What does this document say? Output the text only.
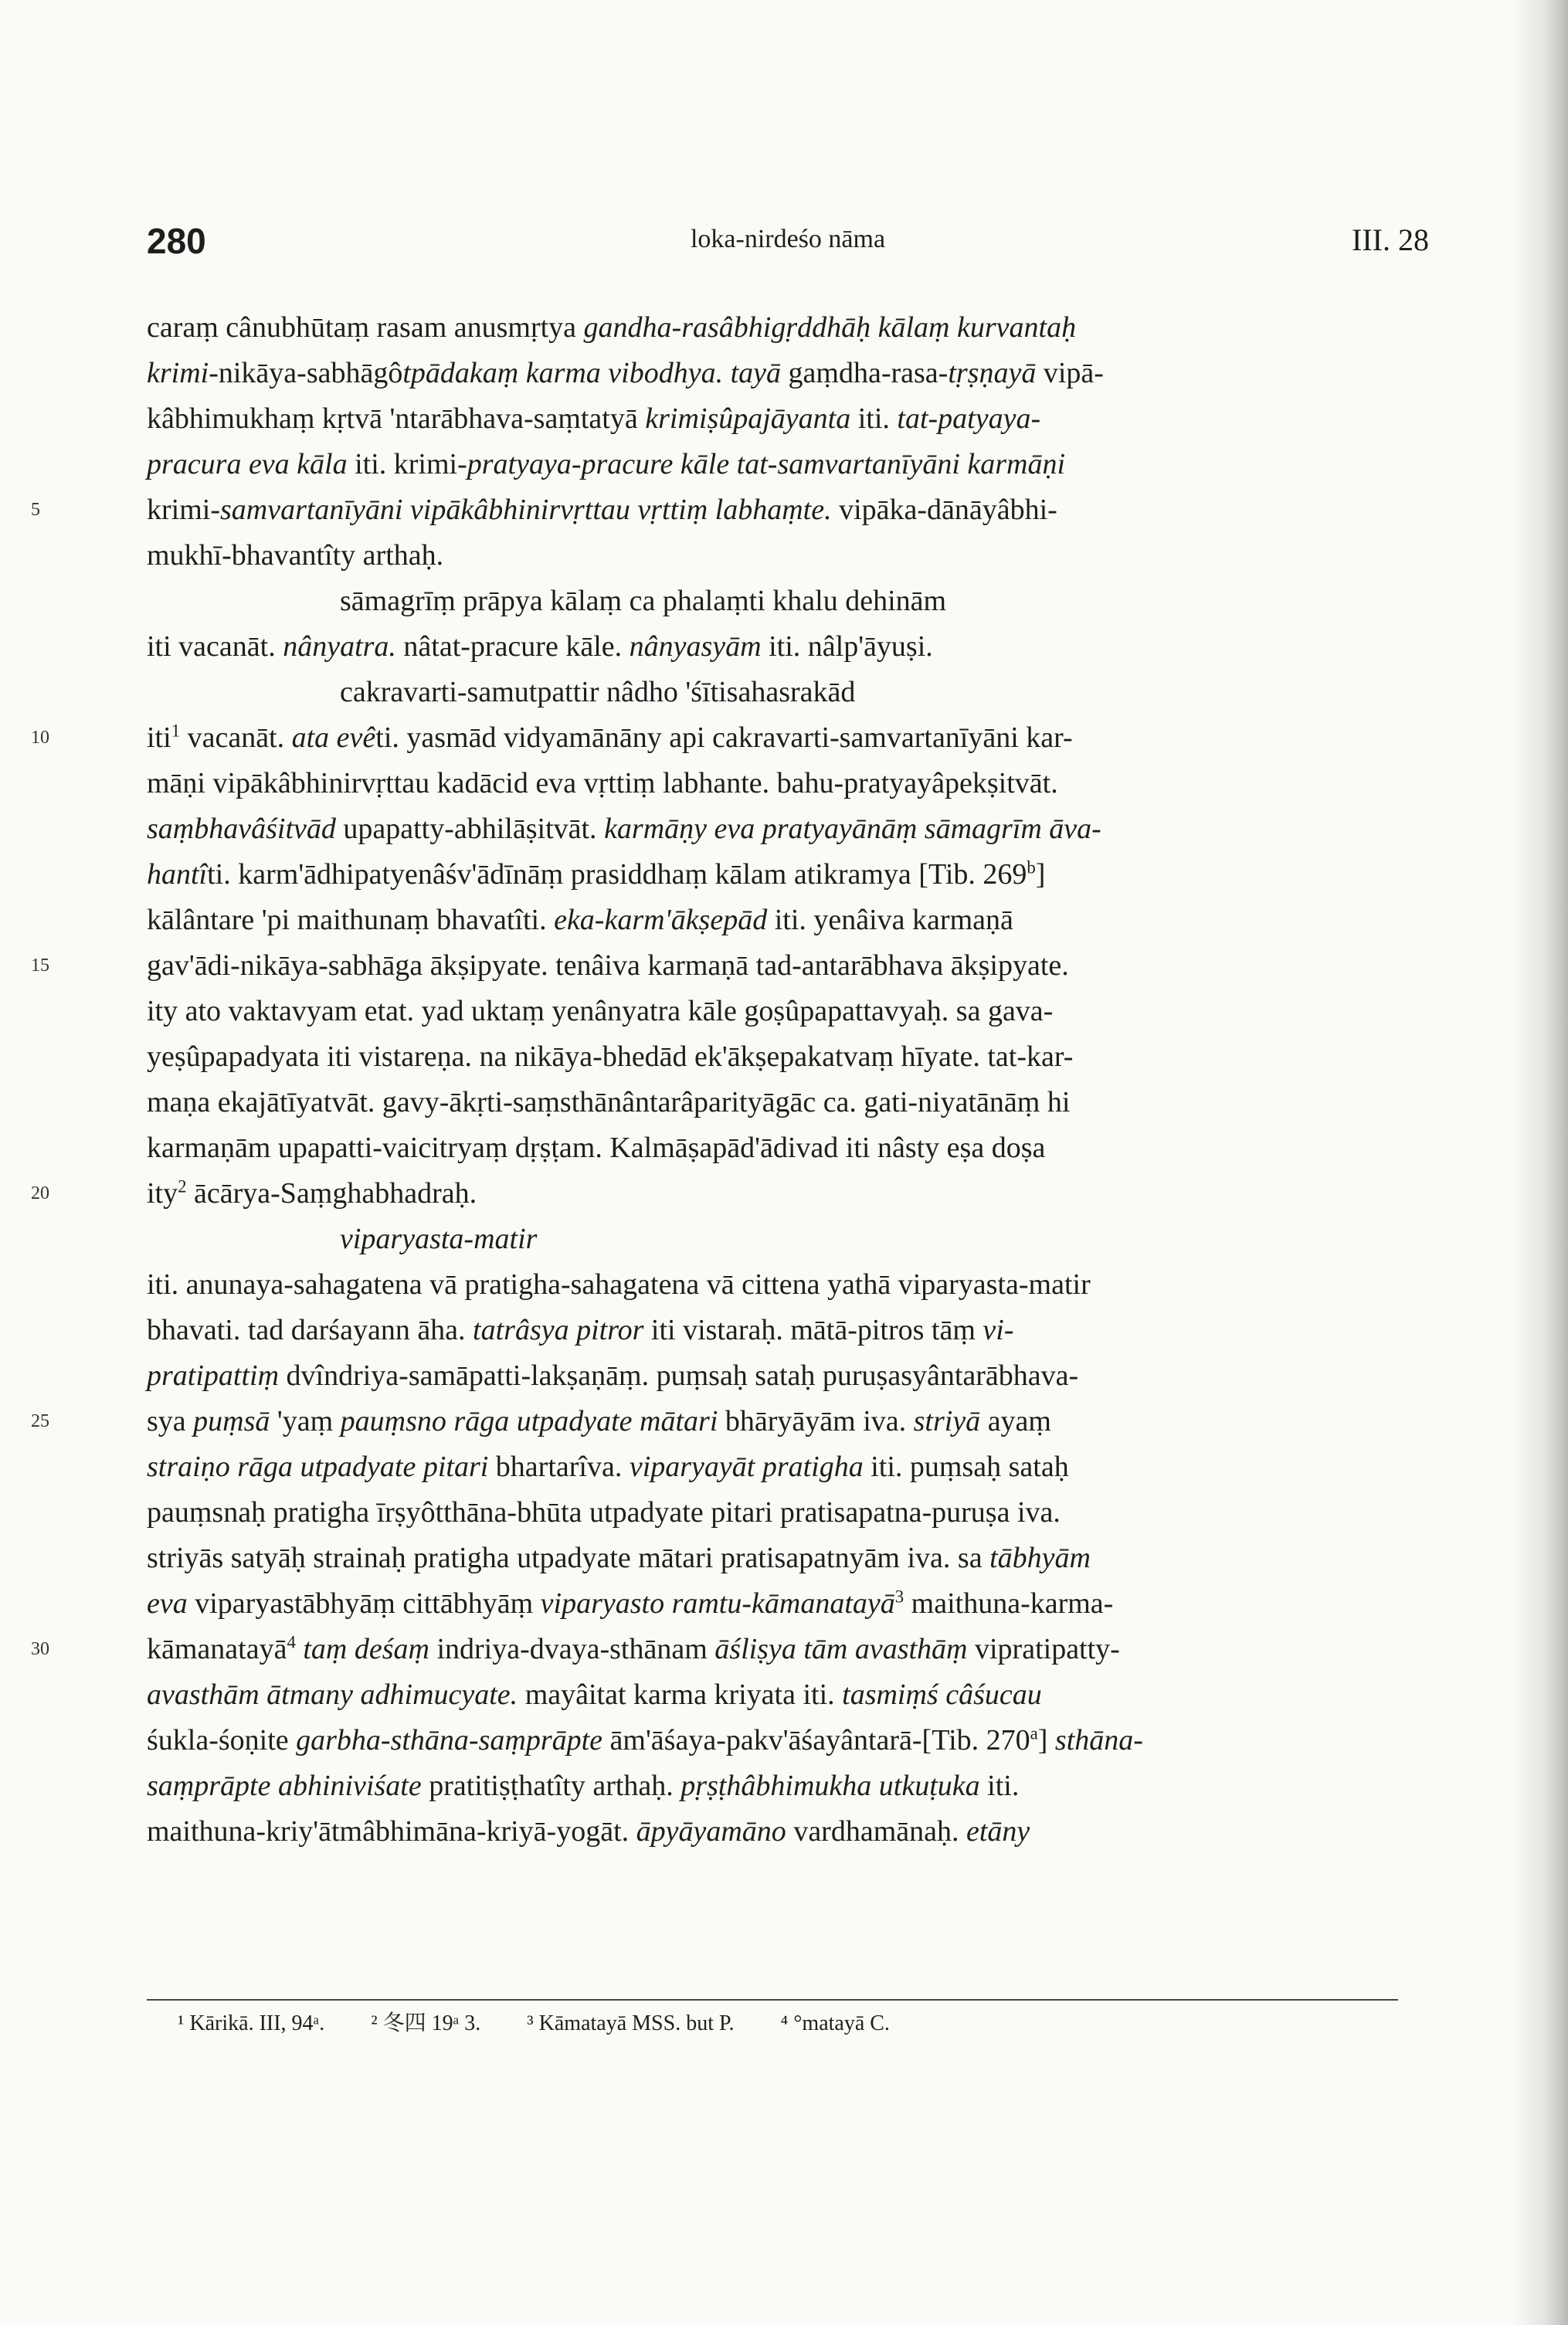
280	loka-nirdeśo nāma	III. 28
caraṃ cânubhūtaṃ rasam anusmṛtya gandha-rasâbhigṛddhāḥ kālaṃ kurvantaḥ
krimi-nikāya-sabhāgôtpādakaṃ karma vibodhya. tayā gaṃdha-rasa-tṛṣṇayā vipā-
kâbhimukhaṃ kṛtvā 'ntarābhava-saṃtatyā krimiṣûpajāyanta iti. tat-patyaya-
pracura eva kāla iti. krimi-pratyaya-pracure kāle tat-samvartanīyāni karmāṇi
5	krimi-samvartanīyāni vipākâbhinirvṛttau vṛttiṃ labhaṃte. vipāka-dānāyâbhi-
mukhī-bhavantîty arthaḥ.
sāmagrīṃ prāpya kālaṃ ca phalaṃti khalu dehinām
iti vacanāt. nânyatra. nâtat-pracure kāle. nânyasyām iti. nâlp'āyuṣi.
cakravarti-samutpattir nâdho 'śītisahasrakād
10	iti$^1$ vacanāt. ata evêti. yasmād vidyamānāny api cakravarti-samvartanīyāni kar-
māṇi vipākâbhinirvṛttau kadācid eva vṛttiṃ labhante. bahu-pratyayâpekṣitvāt.
saṃbhavâśitvād upapatty-abhilāṣitvāt. karmāṇy eva pratyayānāṃ sāmagrīm āva-
hantîti. karm'ādhipatyenâśv'ādīnāṃ prasiddhaṃ kālam atikramya [Tib. 269$^b$]
kālântare 'pi maithunaṃ bhavatîti. eka-karm'ākṣepād iti. yenâiva karmaṇā
15	gav'ādi-nikāya-sabhāga ākṣipyate. tenâiva karmaṇā tad-antarābhava ākṣipyate.
ity ato vaktavyam etat. yad uktaṃ yenânyatra kāle goṣûpapattavyaḥ. sa gava-
yeṣûpapadyata iti vistareṇa. na nikāya-bhedād ek'ākṣepakatvaṃ hīyate. tat-kar-
maṇa ekajātīyatvāt. gavy-ākṛti-saṃsthānântarâparityāgāc ca. gati-niyatānāṃ hi
karmaṇām upapatti-vaicitryaṃ dṛṣṭam. Kalmāṣapād'ādivad iti nâsty eṣa doṣa
20	ity$^2$ ācārya-Saṃghabhadraḥ.
viparyasta-matir
iti. anunaya-sahagatena vā pratigha-sahagatena vā cittena yathā viparyasta-matir
bhavati. tad darśayann āha. tatrâsya pitror iti vistaraḥ. mātā-pitros tāṃ vi-
pratipattiṃ dvîndriya-samāpatti-lakṣaṇāṃ. puṃsaḥ sataḥ puruṣasyântarābhava-
25	sya puṃsā 'yaṃ pauṃsno rāga utpadyate mātari bhāryāyām iva. striyā ayaṃ
straiṇo rāga utpadyate pitari bhartarîva. viparyayāt pratigha iti. puṃsaḥ sataḥ
pauṃsnaḥ pratigha īrṣyôtthāna-bhūta utpadyate pitari pratisapatna-puruṣa iva.
striyās satyāḥ strainaḥ pratigha utpadyate mātari pratisapatnyām iva. sa tābhyām
eva viparyastābhyāṃ cittābhyāṃ viparyasto ramtu-kāmanatayā$^3$ maithuna-karma-
30	kāmanatayā$^4$ taṃ deśaṃ indriya-dvaya-sthānam āśliṣya tām avasthāṃ vipratipatty-
avasthām ātmany adhimucyate. mayâitat karma kriyata iti. tasmiṃś câśucau
śukla-śoṇite garbha-sthāna-saṃprāpte ām'āśaya-pakv'āśayântarā-[Tib. 270$^a$] sthāna-
saṃprāpte abhiniviśate pratitiṣṭhatîty arthaḥ. pṛṣṭhâbhimukha utkuṭuka iti.
maithuna-kriy'ātmâbhimāna-kriyā-yogāt. āpyāyamāno vardhamānaḥ. etāny
¹ Kārikā. III, 94ᵃ. ² 冬四 19ᵃ 3. ³ Kāmatayā MSS. but P. ⁴ °matayā C.
